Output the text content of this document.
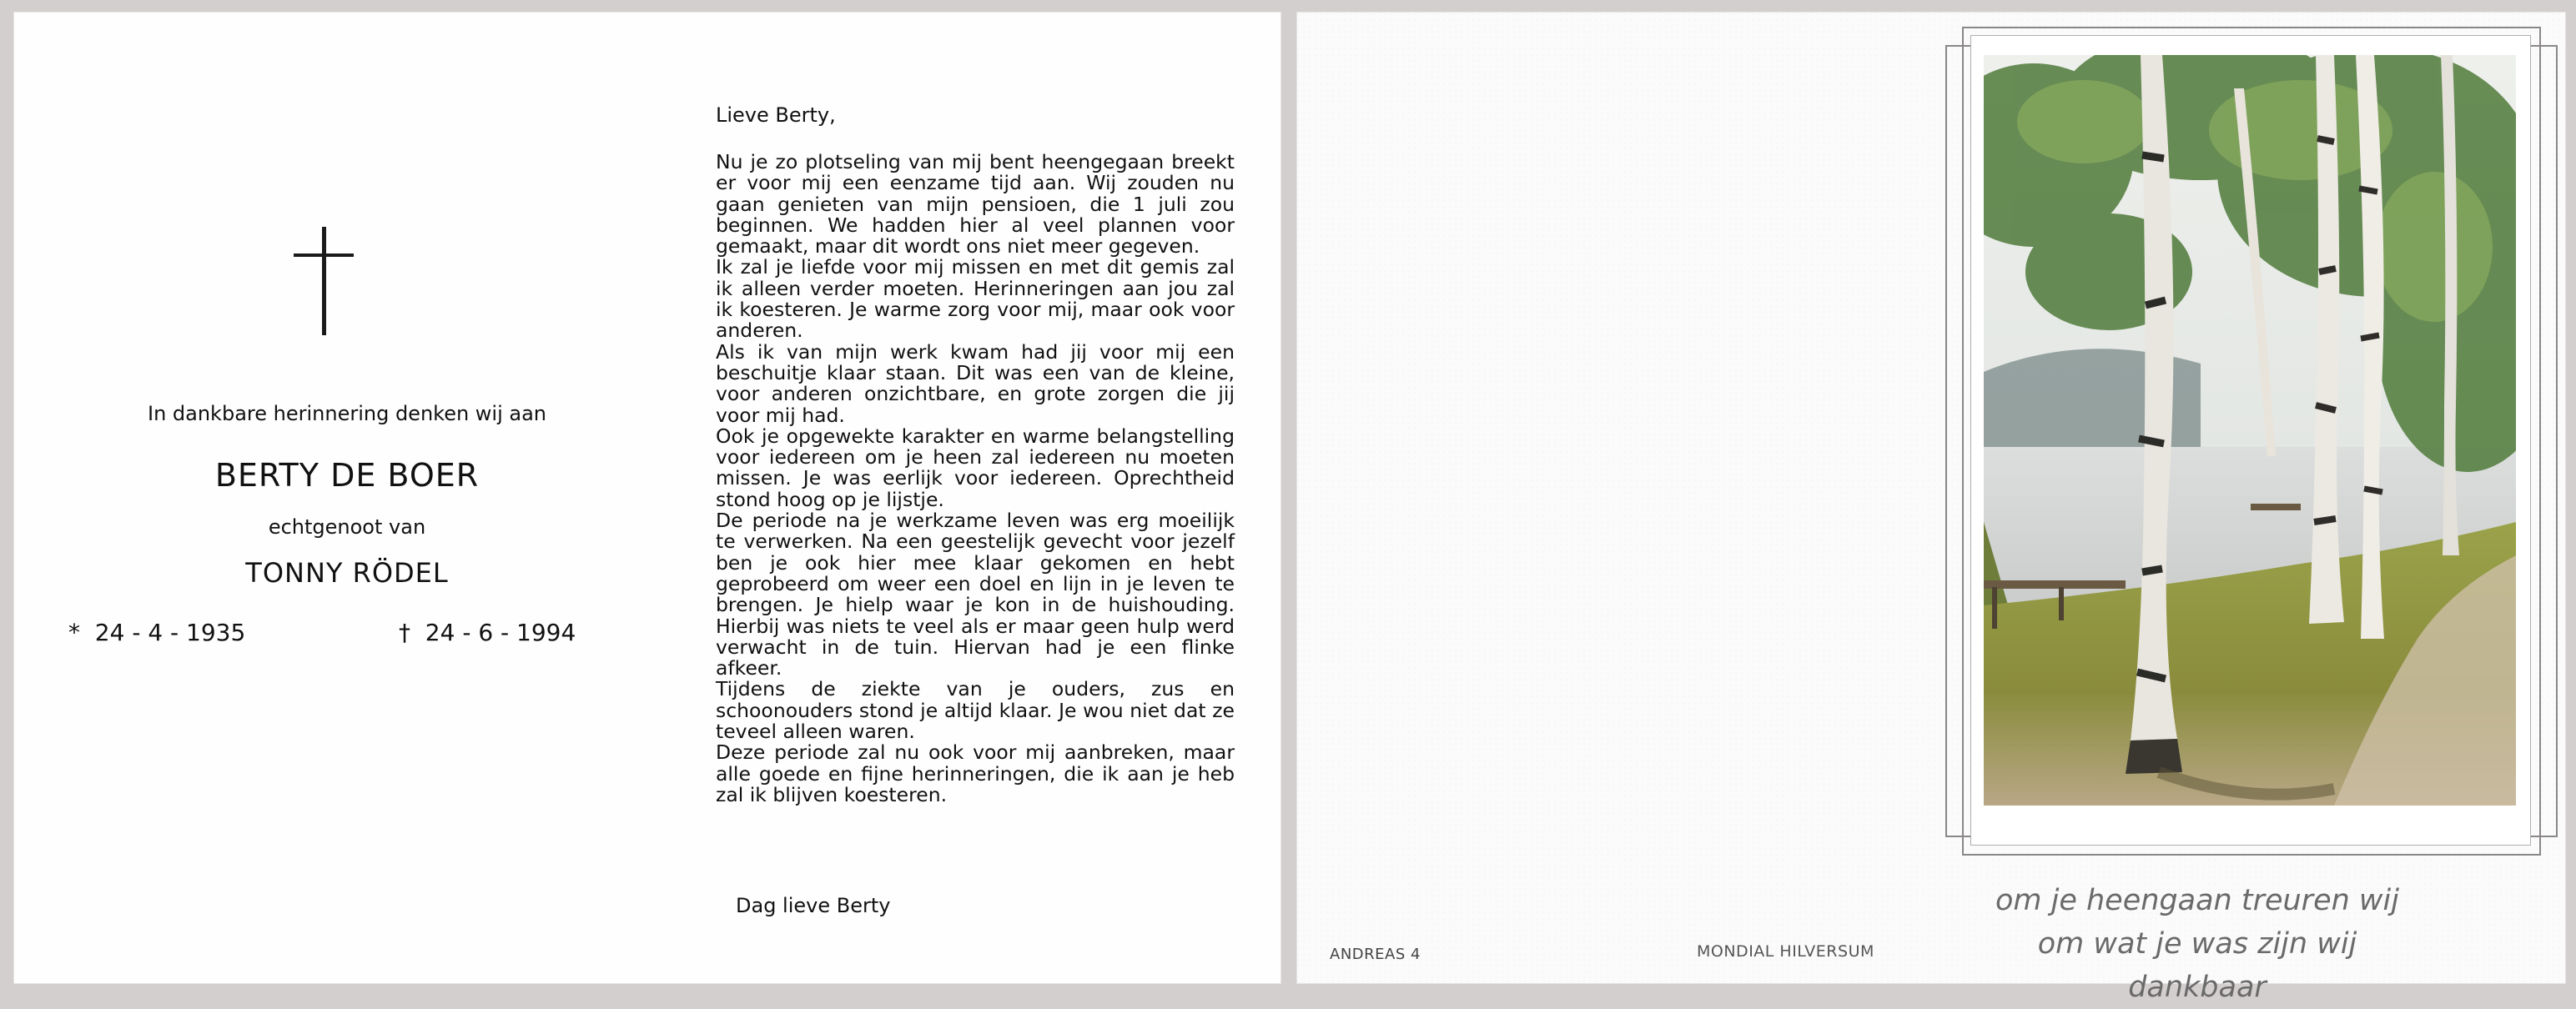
In dankbare herinnering denken wij aan
BERTY DE BOER
echtgenoot van
TONNY RÖDEL
*  24 - 4 - 1935	†  24 - 6 - 1994
Lieve Berty,

Nu je zo plotseling van mij bent heengegaan breekt er voor mij een eenzame tijd aan. Wij zouden nu gaan genieten van mijn pensioen, die 1 juli zou beginnen. We hadden hier al veel plannen voor gemaakt, maar dit wordt ons niet meer gegeven.

Ik zal je liefde voor mij missen en met dit gemis zal ik alleen verder moeten. Herinneringen aan jou zal ik koesteren. Je warme zorg voor mij, maar ook voor anderen.

Als ik van mijn werk kwam had jij voor mij een beschuitje klaar staan. Dit was een van de kleine, voor anderen onzichtbare, en grote zorgen die jij voor mij had.

Ook je opgewekte karakter en warme belangstelling voor iedereen om je heen zal iedereen nu moeten missen. Je was eerlijk voor iedereen. Oprechtheid stond hoog op je lijstje.

De periode na je werkzame leven was erg moeilijk te verwerken. Na een geestelijk gevecht voor jezelf ben je ook hier mee klaar gekomen en hebt geprobeerd om weer een doel en lijn in je leven te brengen. Je hielp waar je kon in de huishouding. Hierbij was niets te veel als er maar geen hulp werd verwacht in de tuin. Hiervan had je een flinke afkeer.

Tijdens de ziekte van je ouders, zus en schoonouders stond je altijd klaar. Je wou niet dat ze teveel alleen waren.

Deze periode zal nu ook voor mij aanbreken, maar alle goede en fijne herinneringen, die ik aan je heb zal ik blijven koesteren.

Dag lieve Berty
ANDREAS 4	MONDIAL HILVERSUM
om je heengaan treuren wij
om wat je was zijn wij dankbaar
